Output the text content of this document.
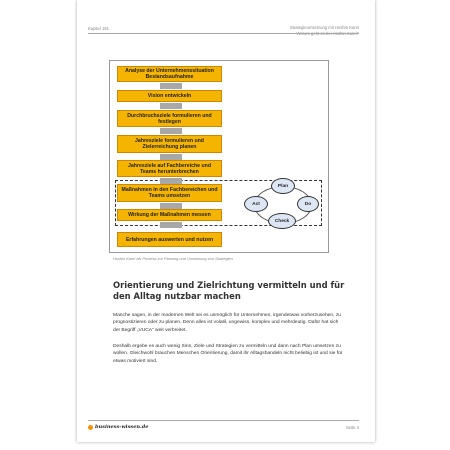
Kapitel 191	Strategieumsetzung mit Hoshin Kanri
Worum geht es bei Hoshin Kanri?
Analyse der Unternehmenssituation Bestandsaufnahme
Vision entwickeln
Durchbruchsziele formulieren und festlegen
Jahresziele formulieren und Zielerreichung planen
Jahresziele auf Fachbereiche und Teams herunterbrechen
Maßnahmen in den Fachbereichen und Teams umsetzen
Wirkung der Maßnahmen messen
Erfahrungen auswerten und nutzen
Plan
Do
Check
Act
Hoshin Kanri als Prozess zur Planung und Umsetzung von Strategien
Orientierung und Zielrichtung vermitteln und für den Alltag nutzbar machen
Manche sagen, in der modernen Welt sei es unmöglich für Unternehmen, irgendetwas vorherzusehen, zu prognostizieren oder zu planen. Denn alles ist volatil, ungewiss, komplex und mehrdeutig. Dafür hat sich der Begriff „VUCA“ weit verbreitet.
Deshalb ergebe es auch wenig Sinn, Ziele und Strategien zu vermitteln und dann nach Plan umsetzen zu wollen. Gleichwohl brauchen Menschen Orientierung, damit ihr Alltagshandeln nicht beliebig ist und sie für etwas motiviert sind.
business-wissen.de	Seite 4
